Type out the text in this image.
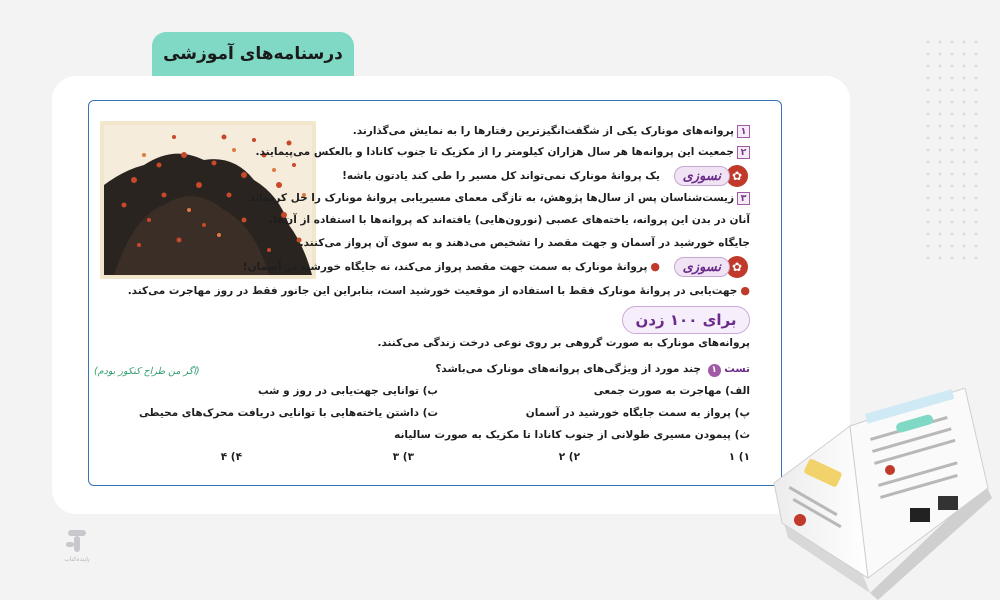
درسنامه‌های آموزشی
۱پروانه‌های مونارک یکی از شگفت‌انگیزترین رفتارها را به نمایش می‌گذارند.
۲جمعیت این پروانه‌ها هر سال هزاران کیلومتر را از مکزیک تا جنوب کانادا و بالعکس می‌پیمایند.
✿
نسوزی
یک پروانهٔ مونارک نمی‌تواند کل مسیر را طی کند یادتون باشه!
۳زیست‌شناسان پس از سال‌ها پژوهش، به تازگی معمای مسیریابی پروانهٔ مونارک را حل کرده‌اند.
آنان در بدن این پروانه، یاخته‌های عصبی (نورون‌هایی) یافته‌اند که پروانه‌ها با استفاده از آن‌ها،
جایگاه خورشید در آسمان و جهت مقصد را تشخیص می‌دهند و به سوی آن پرواز می‌کنند.
✿
نسوزی
●پروانهٔ مونارک به سمت جهت مقصد پرواز می‌کند، نه جایگاه خورشید در آسمان!
●جهت‌یابی در پروانهٔ مونارک فقط با استفاده از موقعیت خورشید است، بنابراین این جانور فقط در روز مهاجرت می‌کند.
برای ۱۰۰ زدن
پروانه‌های مونارک به صورت گروهی بر روی نوعی درخت زندگی می‌کنند.
تست ۱ چند مورد از ویژگی‌های پروانه‌های مونارک می‌باشد؟
(اگر من طراح کنکور بودم)
الف) مهاجرت به صورت جمعی
ب) توانایی جهت‌یابی در روز و شب
پ) پرواز به سمت جایگاه خورشید در آسمان
ت) داشتن یاخته‌هایی با توانایی دریافت محرک‌های محیطی
ث) پیمودن مسیری طولانی از جنوب کانادا تا مکزیک به صورت سالیانه
۱) ۱
۲) ۲
۳) ۳
۴) ۴
پاینده‌کتاب
